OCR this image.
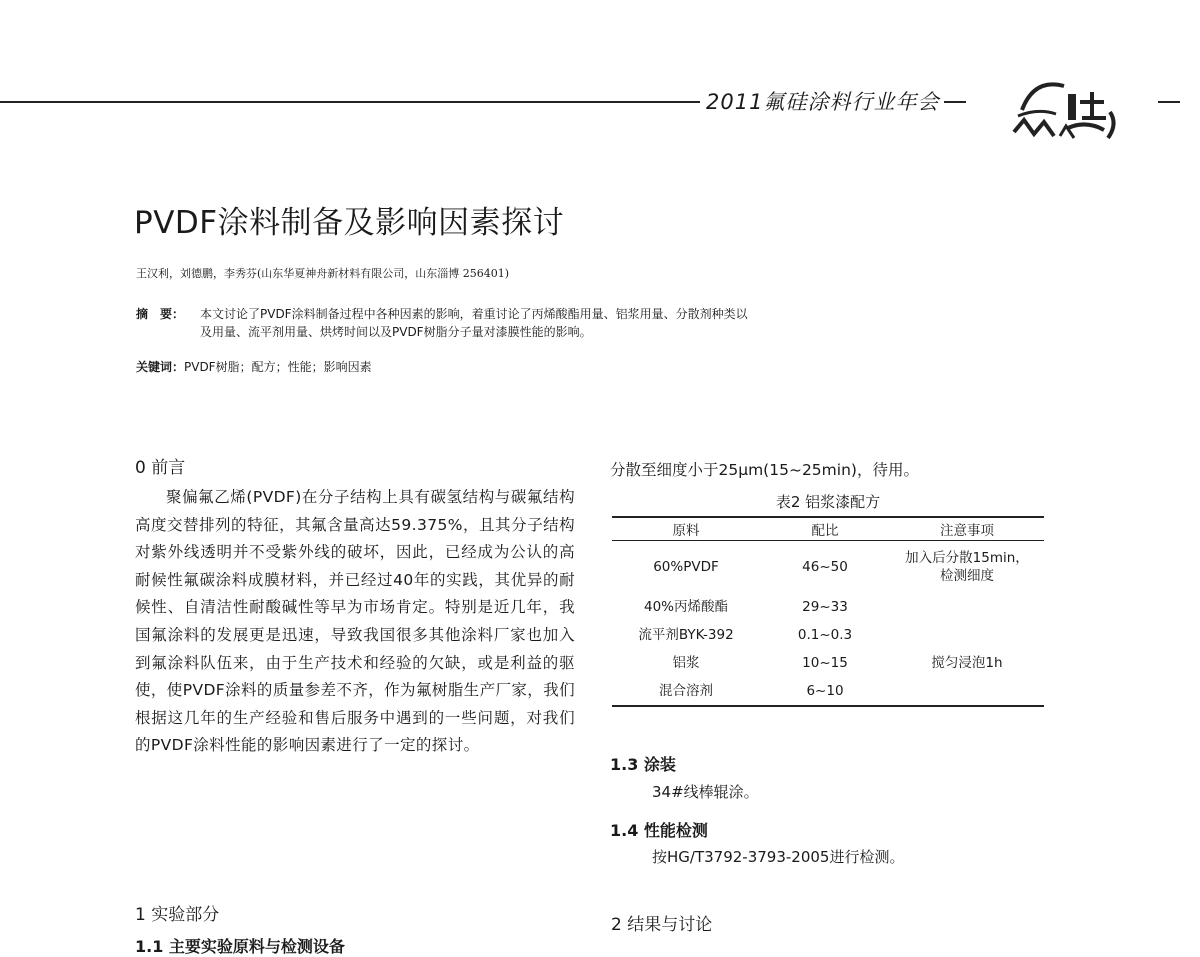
2011氟硅涂料行业年会
PVDF涂料制备及影响因素探讨
王汉利，刘德鹏，李秀芬(山东华夏神舟新材料有限公司，山东淄博 256401)
摘　要： 本文讨论了PVDF涂料制备过程中各种因素的影响，着重讨论了丙烯酸酯用量、铝浆用量、分散剂种类以
及用量、流平剂用量、烘烤时间以及PVDF树脂分子量对漆膜性能的影响。
关键词：PVDF树脂；配方；性能；影响因素
0 前言

聚偏氟乙烯(PVDF)在分子结构上具有碳氢结构与碳氟结构高度交替排列的特征，其氟含量高达59.375%，且其分子结构对紫外线透明并不受紫外线的破坏，因此，已经成为公认的高耐候性氟碳涂料成膜材料，并已经过40年的实践，其优异的耐候性、自清洁性耐酸碱性等早为市场肯定。特别是近几年，我国氟涂料的发展更是迅速，导致我国很多其他涂料厂家也加入到氟涂料队伍来，由于生产技术和经验的欠缺，或是利益的驱使，使PVDF涂料的质量参差不齐，作为氟树脂生产厂家，我们根据这几年的生产经验和售后服务中遇到的一些问题，对我们的PVDF涂料性能的影响因素进行了一定的探讨。

1 实验部分
1.1 主要实验原料与检测设备
分散至细度小于25μm(15~25min)，待用。
表2 铝浆漆配方
原料	配比	注意事项
60%PVDF	46~50	加入后分散15min，
检测细度
40%丙烯酸酯	29~33	
流平剂BYK-392	0.1~0.3	
铝浆	10~15	搅匀浸泡1h
混合溶剂	6~10	
1.3 涂装
34#线棒辊涂。
1.4 性能检测
按HG/T3792-3793-2005进行检测。
2 结果与讨论
